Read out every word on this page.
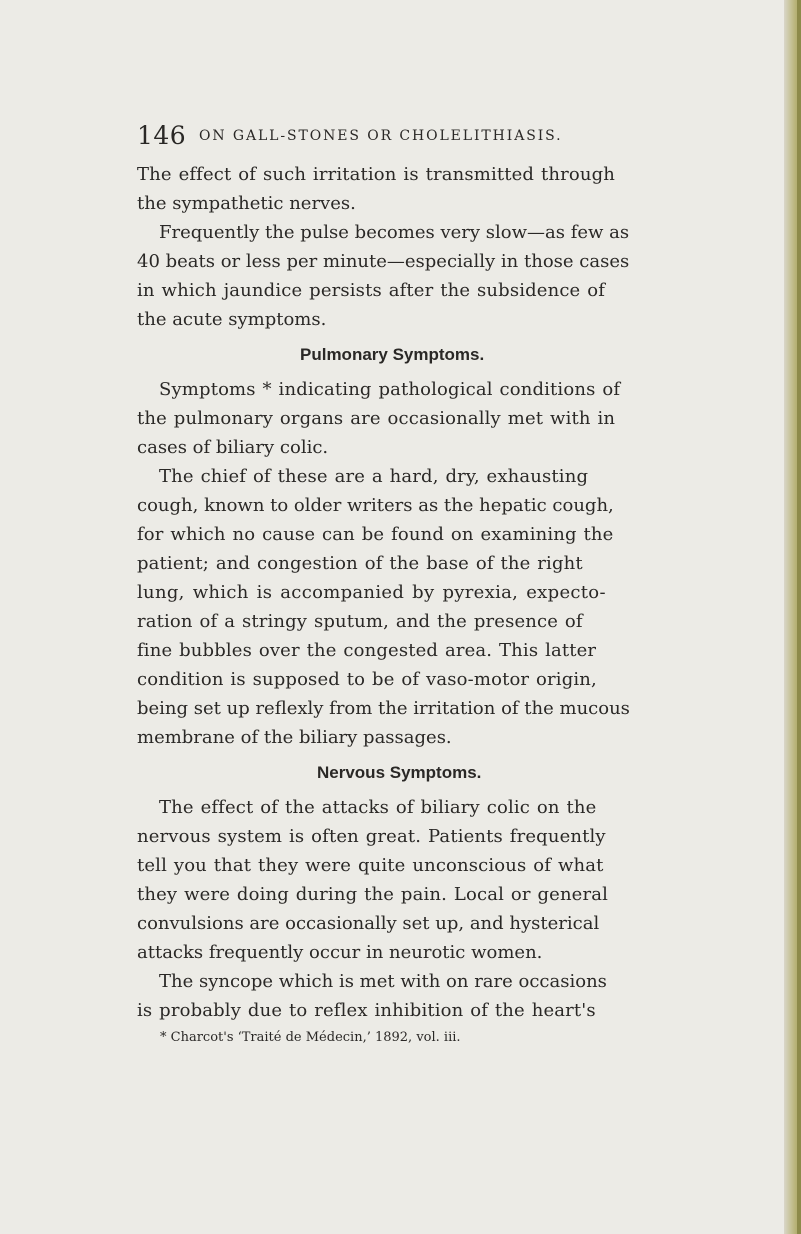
146 ON GALL-STONES OR CHOLELITHIASIS.
The effect of such irritation is transmitted through
the sympathetic nerves.
Frequently the pulse becomes very slow—as few as
40 beats or less per minute—especially in those cases
in which jaundice persists after the subsidence of
the acute symptoms.
Pulmonary Symptoms.
Symptoms * indicating pathological conditions of
the pulmonary organs are occasionally met with in
cases of biliary colic.
The chief of these are a hard, dry, exhausting
cough, known to older writers as the hepatic cough,
for which no cause can be found on examining the
patient; and congestion of the base of the right
lung, which is accompanied by pyrexia, expecto-
ration of a stringy sputum, and the presence of
fine bubbles over the congested area. This latter
condition is supposed to be of vaso-motor origin,
being set up reflexly from the irritation of the mucous
membrane of the biliary passages.
Nervous Symptoms.
The effect of the attacks of biliary colic on the
nervous system is often great. Patients frequently
tell you that they were quite unconscious of what
they were doing during the pain. Local or general
convulsions are occasionally set up, and hysterical
attacks frequently occur in neurotic women.
The syncope which is met with on rare occasions
is probably due to reflex inhibition of the heart's
* Charcot's ‘Traité de Médecin,’ 1892, vol. iii.
